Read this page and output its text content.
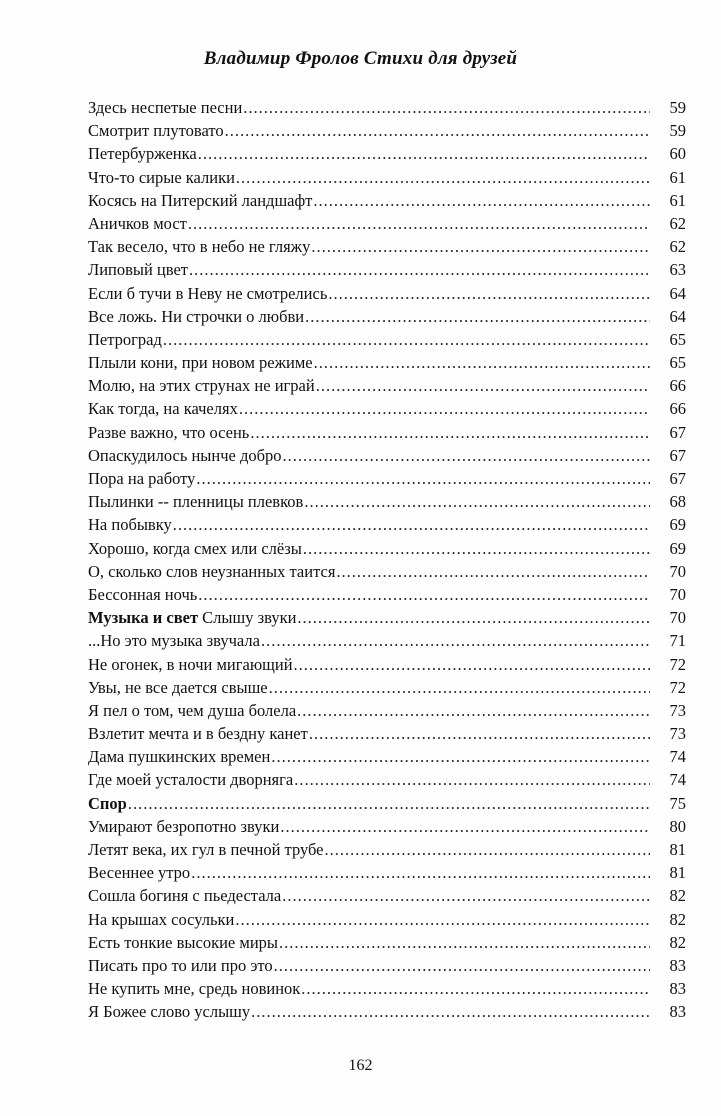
Владимир Фролов Стихи для друзей
Здесь неспетые песни .....	59
Смотрит плутовато .....	59
Петербурженка .....	60
Что-то сирые калики .....	61
Косясь на Питерский ландшафт .....	61
Аничков мост .....	62
Так весело, что в небо не гляжу .....	62
Липовый цвет .....	63
Если б тучи в Неву не смотрелись .....	64
Все ложь. Ни строчки о любви .....	64
Петроград .....	65
Плыли кони, при новом режиме .....	65
Молю, на этих струнах не играй .....	66
Как тогда, на качелях .....	66
Разве важно, что осень .....	67
Опаскудилось нынче добро .....	67
Пора на работу .....	67
Пылинки -- пленницы плевков .....	68
На побывку .....	69
Хорошо, когда смех или слёзы .....	69
О, сколько слов неузнанных таится .....	70
Бессонная ночь .....	70
Музыка и свет Слышу звуки .....	70
...Но это музыка звучала .....	71
Не огонек, в ночи мигающий .....	72
Увы, не все дается свыше .....	72
Я пел о том, чем душа болела .....	73
Взлетит мечта и в бездну канет .....	73
Дама пушкинских времен .....	74
Где моей усталости дворняга .....	74
Спор .....	75
Умирают безропотно звуки .....	80
Летят века, их гул в печной трубе .....	81
Весеннее утро .....	81
Сошла богиня с пьедестала .....	82
На крышах сосульки .....	82
Есть тонкие высокие миры .....	82
Писать про то или про это .....	83
Не купить мне, средь новинок .....	83
Я Божее слово услышу .....	83
162
